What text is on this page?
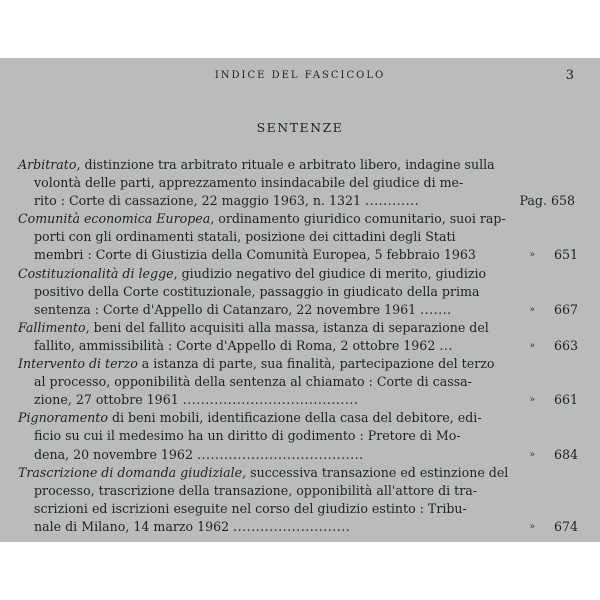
INDICE DEL FASCICOLO	3
SENTENZE
Arbitrato, distinzione tra arbitrato rituale e arbitrato libero, indagine sulla
volontà delle parti, apprezzamento insindacabile del giudice di me-
rito : Corte di cassazione, 22 maggio 1963, n. 1321 ............	Pag. 658
Comunità economica Europea, ordinamento giuridico comunitario, suoi rap-
porti con gli ordinamenti statali, posizione dei cittadini degli Stati
membri : Corte di Giustizia della Comunità Europea, 5 febbraio 1963	» 651
Costituzionalità di legge, giudizio negativo del giudice di merito, giudizio
positivo della Corte costituzionale, passaggio in giudicato della prima
sentenza : Corte d'Appello di Catanzaro, 22 novembre 1961 .......	» 667
Fallimento, beni del fallito acquisiti alla massa, istanza di separazione del
fallito, ammissibilità : Corte d'Appello di Roma, 2 ottobre 1962 ...	» 663
Intervento di terzo a istanza di parte, sua finalità, partecipazione del terzo
al processo, opponibilità della sentenza al chiamato : Corte di cassa-
zione, 27 ottobre 1961 .......................................	» 661
Pignoramento di beni mobili, identificazione della casa del debitore, edi-
ficio su cui il medesimo ha un diritto di godimento : Pretore di Mo-
dena, 20 novembre 1962 .....................................	» 684
Trascrizione di domanda giudiziale, successiva transazione ed estinzione del
processo, trascrizione della transazione, opponibilità all'attore di tra-
scrizioni ed iscrizioni eseguite nel corso del giudizio estinto : Tribu-
nale di Milano, 14 marzo 1962 ..........................	» 674
